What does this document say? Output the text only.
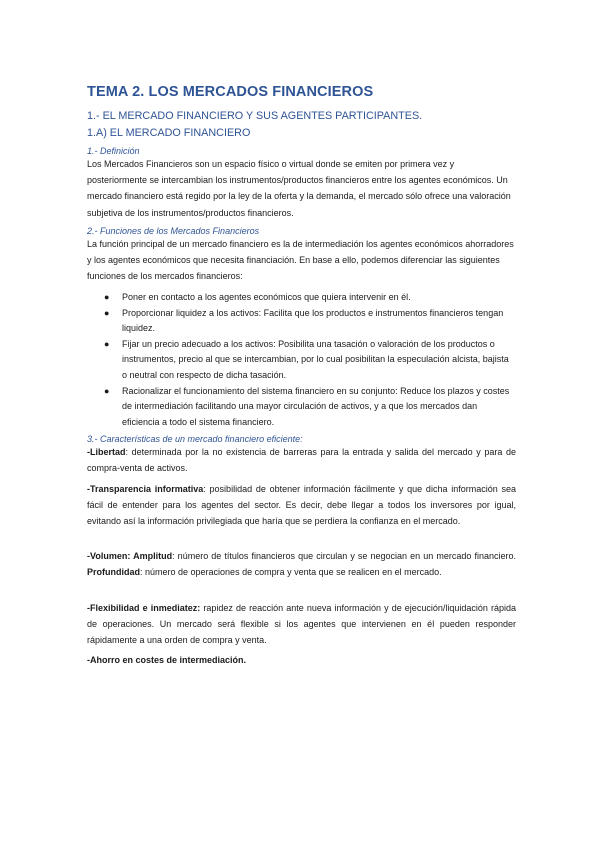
TEMA 2. LOS MERCADOS FINANCIEROS
1.- EL MERCADO FINANCIERO Y SUS AGENTES PARTICIPANTES.
1.A) EL MERCADO FINANCIERO
1.- Definición

Los Mercados Financieros son un espacio físico o virtual donde se emiten por primera vez y posteriormente se intercambian los instrumentos/productos financieros entre los agentes económicos. Un mercado financiero está regido por la ley de la oferta y la demanda, el mercado sólo ofrece una valoración subjetiva de los instrumentos/productos financieros.

2.- Funciones de los Mercados Financieros

La función principal de un mercado financiero es la de intermediación los agentes económicos ahorradores y los agentes económicos que necesita financiación. En base a ello, podemos diferenciar las siguientes funciones de los mercados financieros:

● Poner en contacto a los agentes económicos que quiera intervenir en él.
● Proporcionar liquidez a los activos: Facilita que los productos e instrumentos financieros tengan liquidez.
● Fijar un precio adecuado a los activos: Posibilita una tasación o valoración de los productos o instrumentos, precio al que se intercambian, por lo cual posibilitan la especulación alcista, bajista o neutral con respecto de dicha tasación.
● Racionalizar el funcionamiento del sistema financiero en su conjunto: Reduce los plazos y costes de intermediación facilitando una mayor circulación de activos, y a que los mercados dan eficiencia a todo el sistema financiero.
3.- Características de un mercado financiero eficiente:

-Libertad: determinada por la no existencia de barreras para la entrada y salida del mercado y para de compra-venta de activos.

-Transparencia informativa: posibilidad de obtener información fácilmente y que dicha información sea fácil de entender para los agentes del sector. Es decir, debe llegar a todos los inversores por igual, evitando así la información privilegiada que haría que se perdiera la confianza en el mercado.

-Volumen: Amplitud: número de títulos financieros que circulan y se negocian en un mercado financiero. Profundidad: número de operaciones de compra y venta que se realicen en el mercado.

-Flexibilidad e inmediatez: rapidez de reacción ante nueva información y de ejecución/liquidación rápida de operaciones. Un mercado será flexible si los agentes que intervienen en él pueden responder rápidamente a una orden de compra y venta.

-Ahorro en costes de intermediación.
